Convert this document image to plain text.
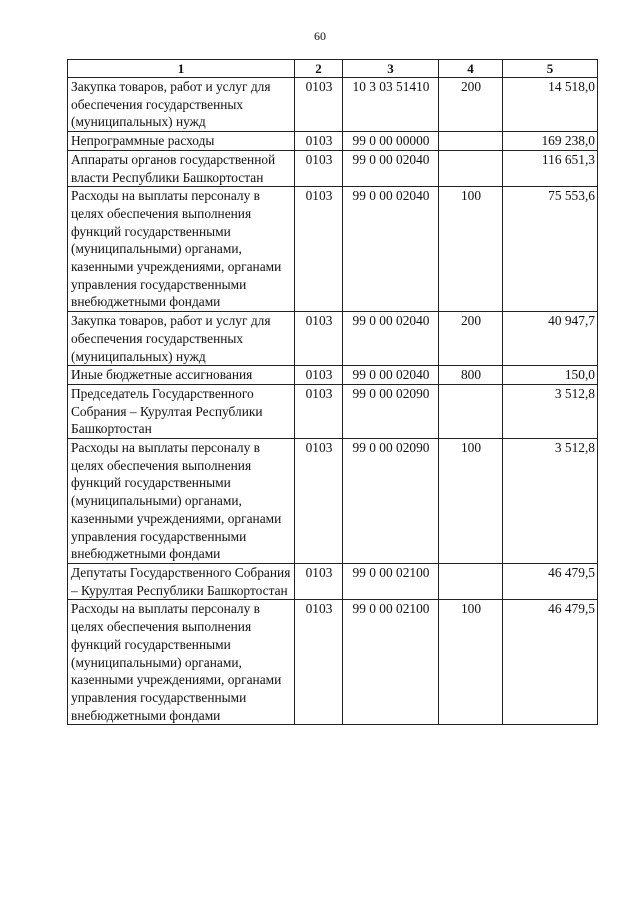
60
1	2	3	4	5
Закупка товаров, работ и услуг для обеспечения государственных (муниципальных) нужд	0103	10 3 03 51410	200	14 518,0
Непрограммные расходы	0103	99 0 00 00000		169 238,0
Аппараты органов государственной власти Республики Башкортостан	0103	99 0 00 02040		116 651,3
Расходы на выплаты персоналу в целях обеспечения выполнения функций государственными (муниципальными) органами, казенными учреждениями, органами управления государственными внебюджетными фондами	0103	99 0 00 02040	100	75 553,6
Закупка товаров, работ и услуг для обеспечения государственных (муниципальных) нужд	0103	99 0 00 02040	200	40 947,7
Иные бюджетные ассигнования	0103	99 0 00 02040	800	150,0
Председатель Государственного Собрания – Курултая Республики Башкортостан	0103	99 0 00 02090		3 512,8
Расходы на выплаты персоналу в целях обеспечения выполнения функций государственными (муниципальными) органами, казенными учреждениями, органами управления государственными внебюджетными фондами	0103	99 0 00 02090	100	3 512,8
Депутаты Государственного Собрания – Курултая Республики Башкортостан	0103	99 0 00 02100		46 479,5
Расходы на выплаты персоналу в целях обеспечения выполнения функций государственными (муниципальными) органами, казенными учреждениями, органами управления государственными внебюджетными фондами	0103	99 0 00 02100	100	46 479,5
